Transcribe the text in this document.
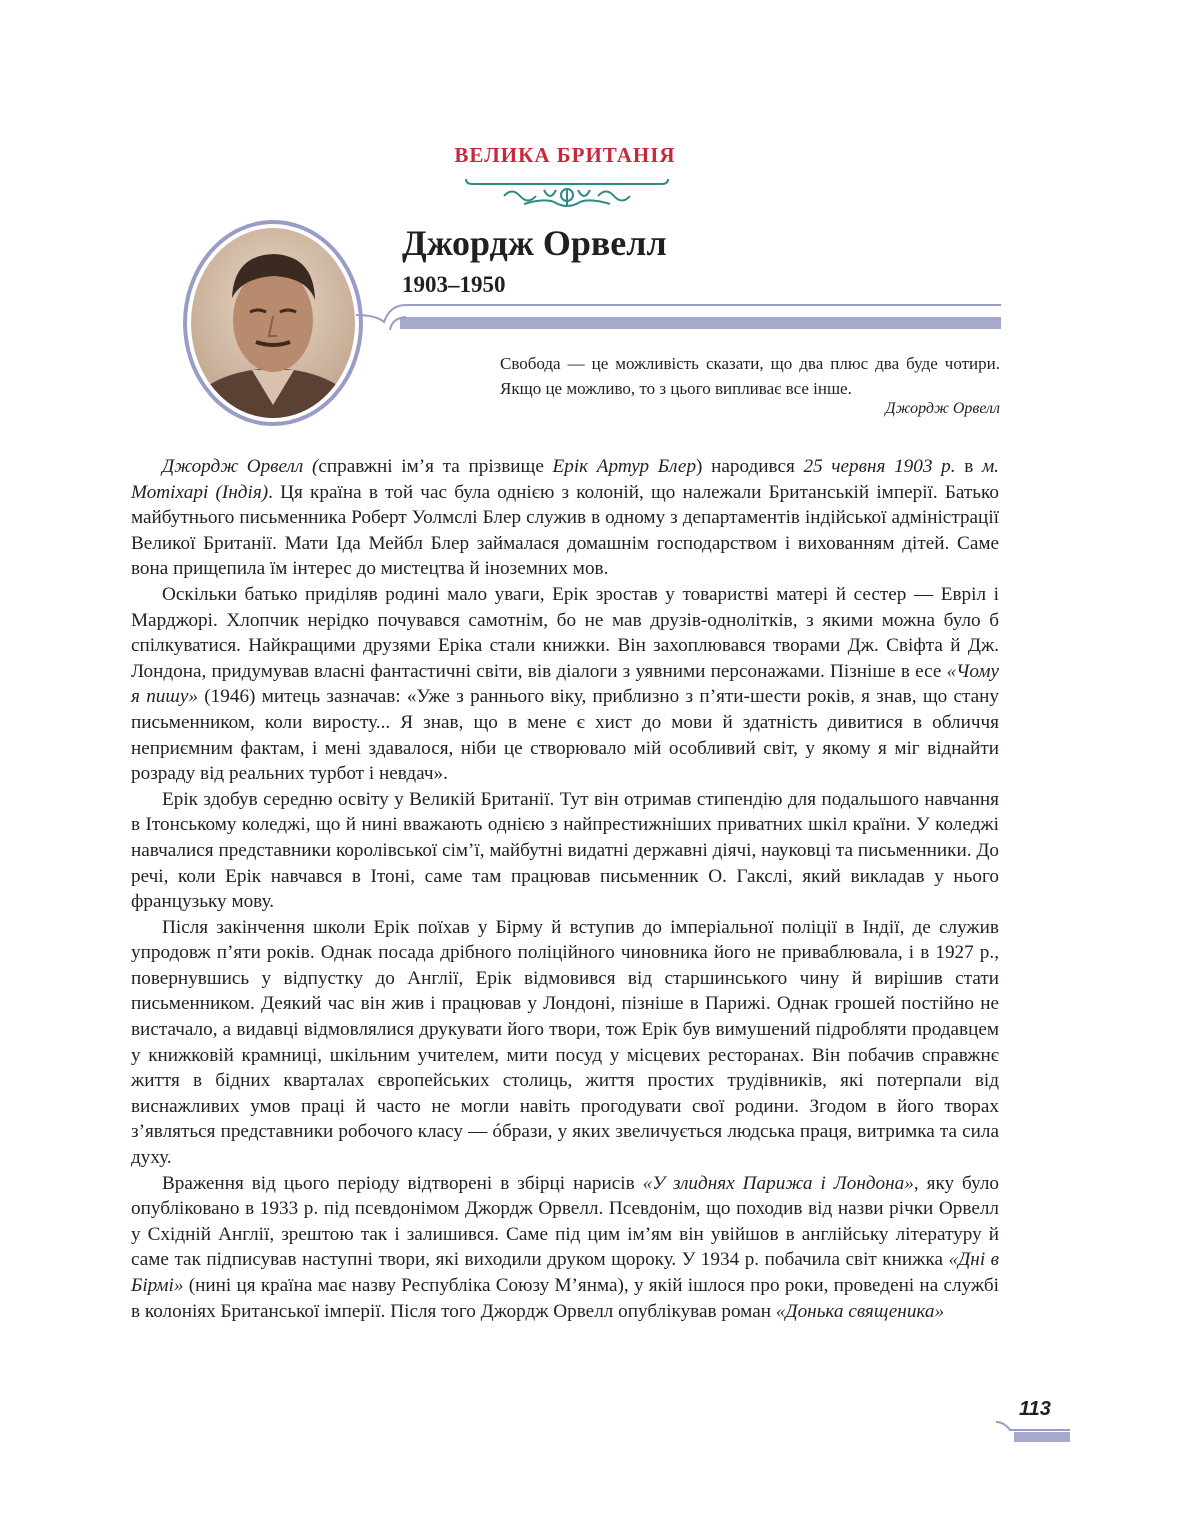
ВЕЛИКА БРИТАНІЯ
Джордж Орвелл
1903–1950
Свобода — це можливість сказати, що два плюс два буде чотири. Якщо це можливо, то з цього випливає все інше.
Джордж Орвелл

Джордж Орвелл (справжні ім’я та прізвище Ерік Артур Блер) народився 25 червня 1903 р. в м. Мотіхарі (Індія). Ця країна в той час була однією з колоній, що належали Британській імперії. Батько майбутнього письменника Роберт Уолмслі Блер служив в одному з департаментів індійської адміністрації Великої Британії. Мати Іда Мейбл Блер займалася домашнім господарством і вихованням дітей. Саме вона прищепила їм інтерес до мистецтва й іноземних мов.

Оскільки батько приділяв родині мало уваги, Ерік зростав у товаристві матері й сестер — Евріл і Марджорі. Хлопчик нерідко почувався самотнім, бо не мав друзів-однолітків, з якими можна було б спілкуватися. Найкращими друзями Еріка стали книжки. Він захоплювався творами Дж. Свіфта й Дж. Лондона, придумував власні фантастичні світи, вів діалоги з уявними персонажами. Пізніше в есе «Чому я пишу» (1946) митець зазначав: «Уже з раннього віку, приблизно з п’яти-шести років, я знав, що стану письменником, коли виросту... Я знав, що в мене є хист до мови й здатність дивитися в обличчя неприємним фактам, і мені здавалося, ніби це створювало мій особливий світ, у якому я міг віднайти розраду від реальних турбот і невдач».

Ерік здобув середню освіту у Великій Британії. Тут він отримав стипендію для подальшого навчання в Ітонському коледжі, що й нині вважають однією з найпрестижніших приватних шкіл країни. У коледжі навчалися представники королівської сім’ї, майбутні видатні державні діячі, науковці та письменники. До речі, коли Ерік навчався в Ітоні, саме там працював письменник О. Гакслі, який викладав у нього французьку мову.

Після закінчення школи Ерік поїхав у Бірму й вступив до імперіальної поліції в Індії, де служив упродовж п’яти років. Однак посада дрібного поліційного чиновника його не приваблювала, і в 1927 р., повернувшись у відпустку до Англії, Ерік відмовився від старшинського чину й вирішив стати письменником. Деякий час він жив і працював у Лондоні, пізніше в Парижі. Однак грошей постійно не вистачало, а видавці відмовлялися друкувати його твори, тож Ерік був вимушений підробляти продавцем у книжковій крамниці, шкільним учителем, мити посуд у місцевих ресторанах. Він побачив справжнє життя в бідних кварталах європейських столиць, життя простих трудівників, які потерпали від виснажливих умов праці й часто не могли навіть прогодувати свої родини. Згодом в його творах з’являться представники робочого класу — óбрази, у яких звеличується людська праця, витримка та сила духу.

Враження від цього періоду відтворені в збірці нарисів «У злиднях Парижа і Лондона», яку було опубліковано в 1933 р. під псевдонімом Джордж Орвелл. Псевдонім, що походив від назви річки Орвелл у Східній Англії, зрештою так і залишився. Саме під цим ім’ям він увійшов в англійську літературу й саме так підписував наступні твори, які виходили друком щороку. У 1934 р. побачила світ книжка «Дні в Бірмі» (нині ця країна має назву Республіка Союзу М’янма), у якій ішлося про роки, проведені на службі в колоніях Британської імперії. Після того Джордж Орвелл опублікував роман «Донька священика»

113
